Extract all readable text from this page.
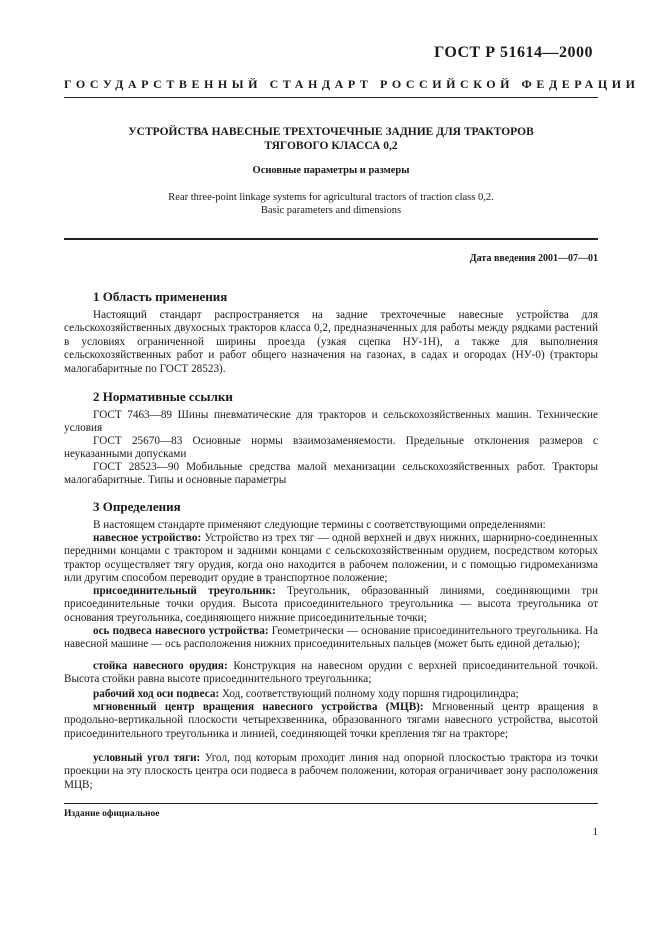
ГОСТ Р 51614—2000
ГОСУДАРСТВЕННЫЙ СТАНДАРТ РОССИЙСКОЙ ФЕДЕРАЦИИ
УСТРОЙСТВА НАВЕСНЫЕ ТРЕХТОЧЕЧНЫЕ ЗАДНИЕ ДЛЯ ТРАКТОРОВ
ТЯГОВОГО КЛАССА 0,2
Основные параметры и размеры
Rear three-point linkage systems for agricultural tractors of traction class 0,2.
Basic parameters and dimensions
Дата введения 2001—07—01
1 Область применения
Настоящий стандарт распространяется на задние трехточечные навесные устройства для сельскохозяйственных двухосных тракторов класса 0,2, предназначенных для работы между рядками растений в условиях ограниченной ширины проезда (узкая сцепка НУ-1Н), а также для выполнения сельскохозяйственных работ и работ общего назначения на газонах, в садах и огородах (НУ-0) (тракторы малогабаритные по ГОСТ 28523).
2 Нормативные ссылки
ГОСТ 7463—89 Шины пневматические для тракторов и сельскохозяйственных машин. Технические условия
ГОСТ 25670—83 Основные нормы взаимозаменяемости. Предельные отклонения размеров с неуказанными допусками
ГОСТ 28523—90 Мобильные средства малой механизации сельскохозяйственных работ. Тракторы малогабаритные. Типы и основные параметры
3 Определения
В настоящем стандарте применяют следующие термины с соответствующими определениями:
навесное устройство: Устройство из трех тяг — одной верхней и двух нижних, шарнирно-соединенных передними концами с трактором и задними концами с сельскохозяйственным орудием, посредством которых трактор осуществляет тягу орудия, когда оно находится в рабочем положении, и с помощью гидромеханизма или другим способом переводит орудие в транспортное положение;
присоединительный треугольник: Треугольник, образованный линиями, соединяющими три присоединительные точки орудия. Высота присоединительного треугольника — высота треугольника от основания треугольника, соединяющего нижние присоединительные точки;
ось подвеса навесного устройства: Геометрически — основание присоединительного треугольника. На навесной машине — ось расположения нижних присоединительных пальцев (может быть единой деталью);
стойка навесного орудия: Конструкция на навесном орудии с верхней присоединительной точкой. Высота стойки равна высоте присоединительного треугольника;
рабочий ход оси подвеса: Ход, соответствующий полному ходу поршня гидроцилиндра;
мгновенный центр вращения навесного устройства (МЦВ): Мгновенный центр вращения в продольно-вертикальной плоскости четырехзвенника, образованного тягами навесного устройства, высотой присоединительного треугольника и линией, соединяющей точки крепления тяг на тракторе;
условный угол тяги: Угол, под которым проходит линия над опорной плоскостью трактора из точки проекции на эту плоскость центра оси подвеса в рабочем положении, которая ограничивает зону расположения МЦВ;
Издание официальное
1
